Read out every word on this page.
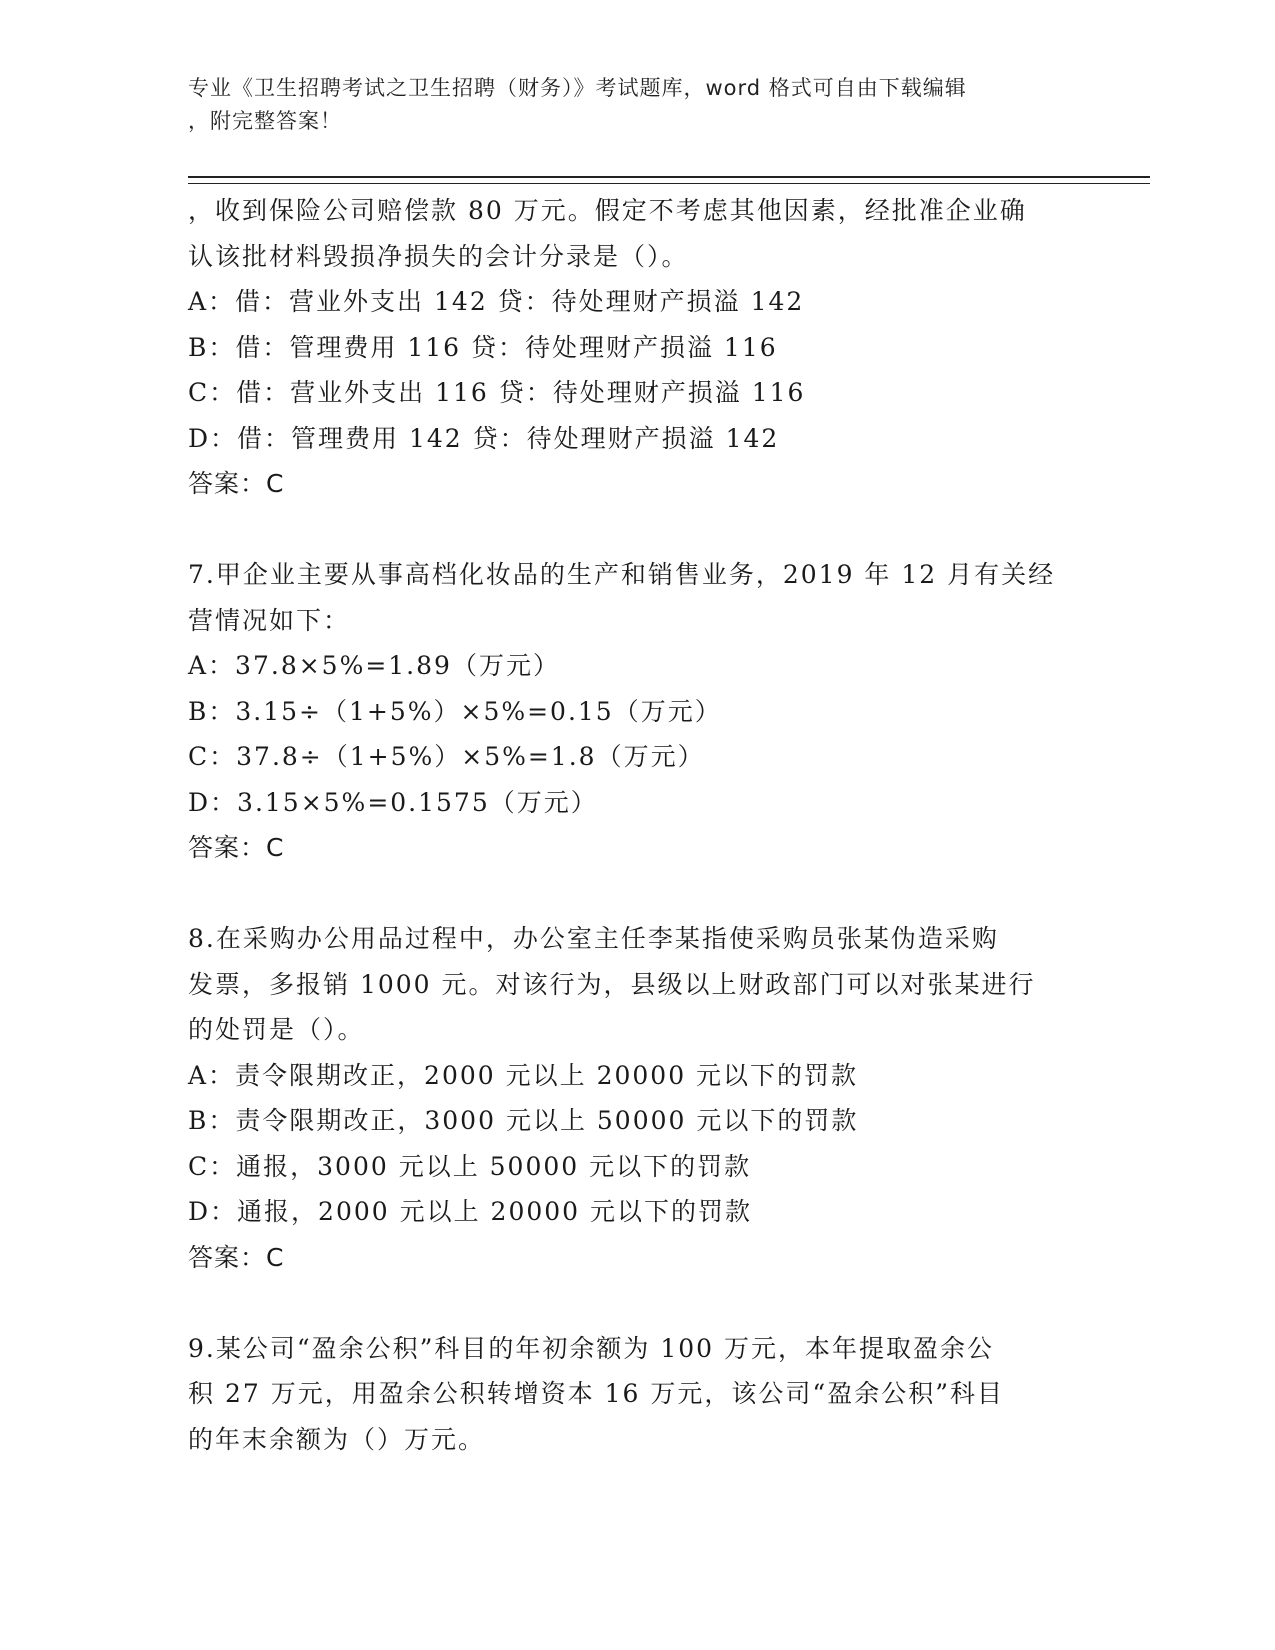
专业《卫生招聘考试之卫生招聘（财务）》考试题库，word 格式可自由下载编辑
，附完整答案！
，收到保险公司赔偿款 80 万元。假定不考虑其他因素，经批准企业确
认该批材料毁损净损失的会计分录是（）。
A：借：营业外支出 142 贷：待处理财产损溢 142
B：借：管理费用 116 贷：待处理财产损溢 116
C：借：营业外支出 116 贷：待处理财产损溢 116
D：借：管理费用 142 贷：待处理财产损溢 142
答案：C
7.甲企业主要从事高档化妆品的生产和销售业务，2019 年 12 月有关经
营情况如下：
A：37.8×5%=1.89（万元）
B：3.15÷（1+5%）×5%=0.15（万元）
C：37.8÷（1+5%）×5%=1.8（万元）
D：3.15×5%=0.1575（万元）
答案：C
8.在采购办公用品过程中，办公室主任李某指使采购员张某伪造采购
发票，多报销 1000 元。对该行为，县级以上财政部门可以对张某进行
的处罚是（）。
A：责令限期改正，2000 元以上 20000 元以下的罚款
B：责令限期改正，3000 元以上 50000 元以下的罚款
C：通报，3000 元以上 50000 元以下的罚款
D：通报，2000 元以上 20000 元以下的罚款
答案：C
9.某公司“盈余公积”科目的年初余额为 100 万元，本年提取盈余公
积 27 万元，用盈余公积转增资本 16 万元，该公司“盈余公积”科目
的年末余额为（）万元。
